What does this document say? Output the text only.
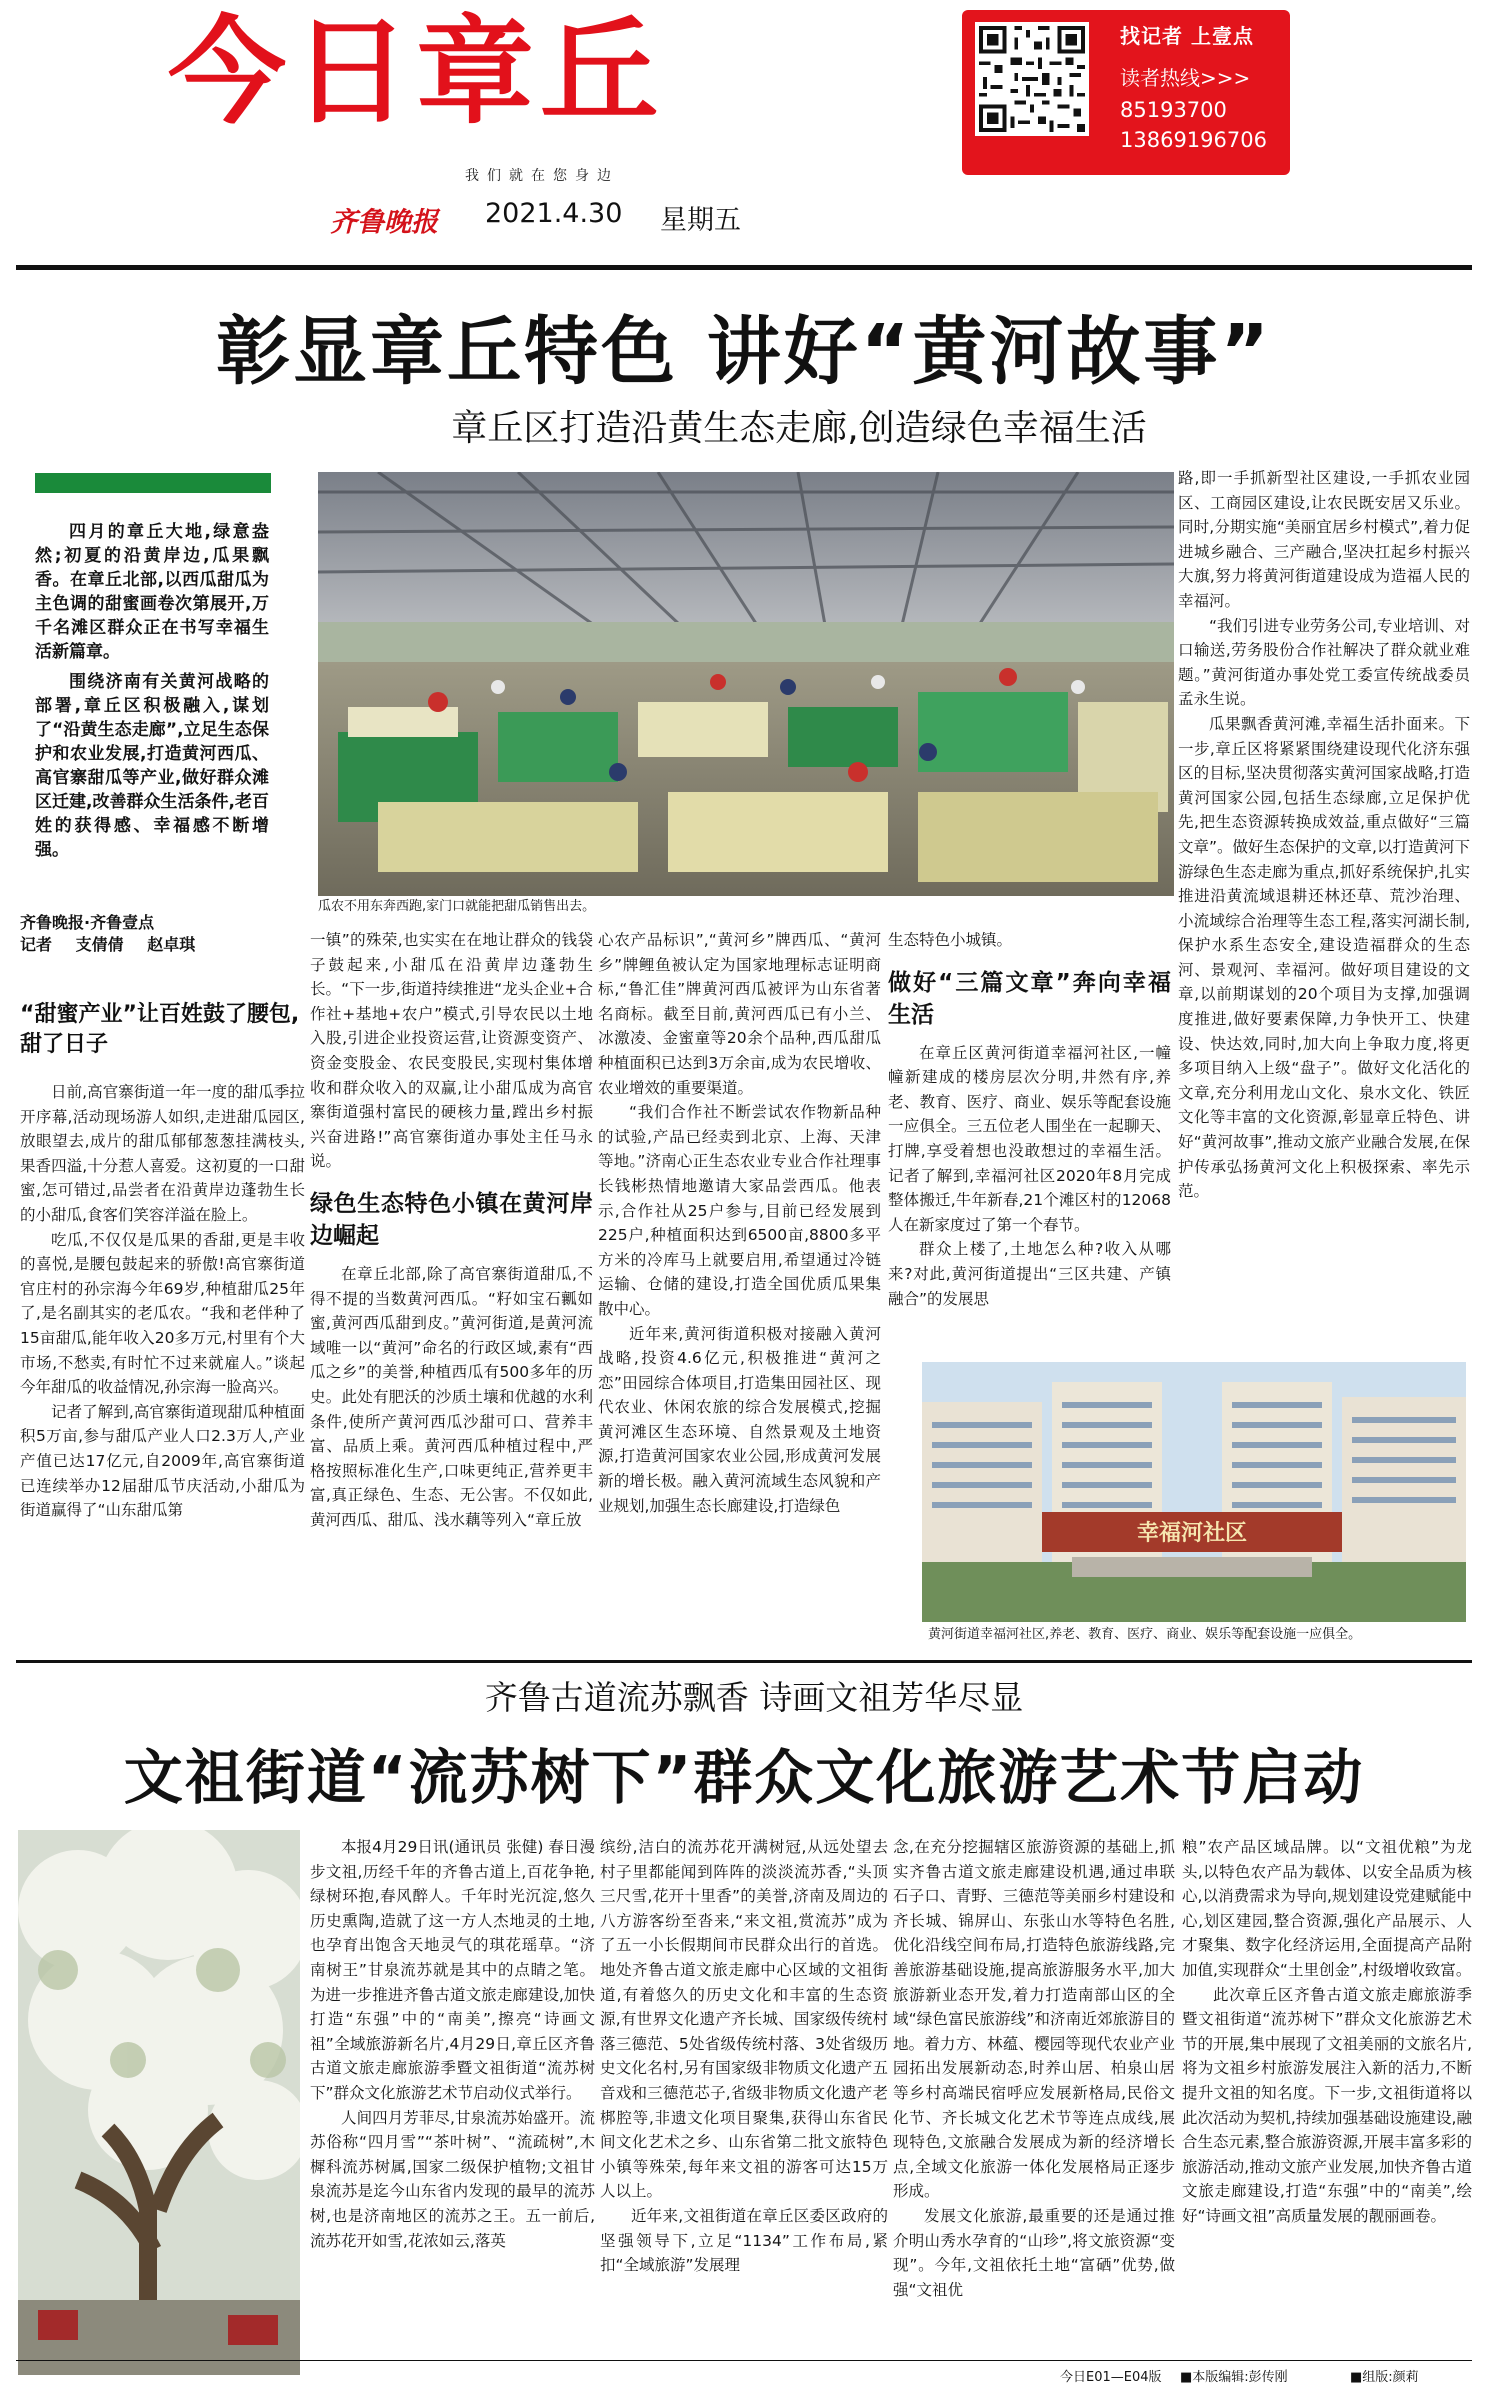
今日章丘
我们就在您身边
齐鲁晚报 2021.4.30 星期五
找记者 上壹点
读者热线>>>
85193700
13869196706
彰显章丘特色 讲好“黄河故事”
章丘区打造沿黄生态走廊,创造绿色幸福生活

四月的章丘大地,绿意盎然;初夏的沿黄岸边,瓜果飘香。在章丘北部,以西瓜甜瓜为主色调的甜蜜画卷次第展开,万千名滩区群众正在书写幸福生活新篇章。

围绕济南有关黄河战略的部署,章丘区积极融入,谋划了“沿黄生态走廊”,立足生态保护和农业发展,打造黄河西瓜、高官寨甜瓜等产业,做好群众滩区迁建,改善群众生活条件,老百姓的获得感、幸福感不断增强。

齐鲁晚报·齐鲁壹点
记者 支倩倩 赵卓琪
“甜蜜产业”让百姓鼓了腰包,甜了日子

日前,高官寨街道一年一度的甜瓜季拉开序幕,活动现场游人如织,走进甜瓜园区,放眼望去,成片的甜瓜郁郁葱葱挂满枝头,果香四溢,十分惹人喜爱。这初夏的一口甜蜜,怎可错过,品尝者在沿黄岸边蓬勃生长的小甜瓜,食客们笑容洋溢在脸上。

吃瓜,不仅仅是瓜果的香甜,更是丰收的喜悦,是腰包鼓起来的骄傲!高官寨街道官庄村的孙宗海今年69岁,种植甜瓜25年了,是名副其实的老瓜农。“我和老伴种了15亩甜瓜,能年收入20多万元,村里有个大市场,不愁卖,有时忙不过来就雇人。”谈起今年甜瓜的收益情况,孙宗海一脸高兴。

记者了解到,高官寨街道现甜瓜种植面积5万亩,参与甜瓜产业人口2.3万人,产业产值已达17亿元,自2009年,高官寨街道已连续举办12届甜瓜节庆活动,小甜瓜为街道赢得了“山东甜瓜第

瓜农不用东奔西跑,家门口就能把甜瓜销售出去。

一镇”的殊荣,也实实在在地让群众的钱袋子鼓起来,小甜瓜在沿黄岸边蓬勃生长。“下一步,街道持续推进“龙头企业+合作社+基地+农户”模式,引导农民以土地入股,引进企业投资运营,让资源变资产、资金变股金、农民变股民,实现村集体增收和群众收入的双赢,让小甜瓜成为高官寨街道强村富民的硬核力量,蹚出乡村振兴奋进路!”高官寨街道办事处主任马永说。

绿色生态特色小镇在黄河岸边崛起

在章丘北部,除了高官寨街道甜瓜,不得不提的当数黄河西瓜。“籽如宝石瓤如蜜,黄河西瓜甜到皮。”黄河街道,是黄河流域唯一以“黄河”命名的行政区域,素有“西瓜之乡”的美誉,种植西瓜有500多年的历史。此处有肥沃的沙质土壤和优越的水利条件,使所产黄河西瓜沙甜可口、营养丰富、品质上乘。黄河西瓜种植过程中,严格按照标准化生产,口味更纯正,营养更丰富,真正绿色、生态、无公害。不仅如此,黄河西瓜、甜瓜、浅水藕等列入“章丘放

心农产品标识”,“黄河乡”牌西瓜、“黄河乡”牌鲤鱼被认定为国家地理标志证明商标,“鲁汇佳”牌黄河西瓜被评为山东省著名商标。截至目前,黄河西瓜已有小兰、冰激凌、金蜜童等20余个品种,西瓜甜瓜种植面积已达到3万余亩,成为农民增收、农业增效的重要渠道。

“我们合作社不断尝试农作物新品种的试验,产品已经卖到北京、上海、天津等地。”济南心正生态农业专业合作社理事长钱彬热情地邀请大家品尝西瓜。他表示,合作社从25户参与,目前已经发展到225户,种植面积达到6500亩,8800多平方米的冷库马上就要启用,希望通过冷链运输、仓储的建设,打造全国优质瓜果集散中心。

近年来,黄河街道积极对接融入黄河战略,投资4.6亿元,积极推进“黄河之恋”田园综合体项目,打造集田园社区、现代农业、休闲农旅的综合发展模式,挖掘黄河滩区生态环境、自然景观及土地资源,打造黄河国家农业公园,形成黄河发展新的增长极。融入黄河流域生态风貌和产业规划,加强生态长廊建设,打造绿色

生态特色小城镇。

做好“三篇文章”奔向幸福生活

在章丘区黄河街道幸福河社区,一幢幢新建成的楼房层次分明,井然有序,养老、教育、医疗、商业、娱乐等配套设施一应俱全。三五位老人围坐在一起聊天、打牌,享受着想也没敢想过的幸福生活。记者了解到,幸福河社区2020年8月完成整体搬迁,牛年新春,21个滩区村的12068人在新家度过了第一个春节。

群众上楼了,土地怎么种?收入从哪来?对此,黄河街道提出“三区共建、产镇融合”的发展思

路,即一手抓新型社区建设,一手抓农业园区、工商园区建设,让农民既安居又乐业。同时,分期实施“美丽宜居乡村模式”,着力促进城乡融合、三产融合,坚决扛起乡村振兴大旗,努力将黄河街道建设成为造福人民的幸福河。

“我们引进专业劳务公司,专业培训、对口输送,劳务股份合作社解决了群众就业难题。”黄河街道办事处党工委宣传统战委员孟永生说。

瓜果飘香黄河滩,幸福生活扑面来。下一步,章丘区将紧紧围绕建设现代化济东强区的目标,坚决贯彻落实黄河国家战略,打造黄河国家公园,包括生态绿廊,立足保护优先,把生态资源转换成效益,重点做好“三篇文章”。做好生态保护的文章,以打造黄河下游绿色生态走廊为重点,抓好系统保护,扎实推进沿黄流域退耕还林还草、荒沙治理、小流域综合治理等生态工程,落实河湖长制,保护水系生态安全,建设造福群众的生态河、景观河、幸福河。做好项目建设的文章,以前期谋划的20个项目为支撑,加强调度推进,做好要素保障,力争快开工、快建设、快达效,同时,加大向上争取力度,将更多项目纳入上级“盘子”。做好文化活化的文章,充分利用龙山文化、泉水文化、铁匠文化等丰富的文化资源,彰显章丘特色、讲好“黄河故事”,推动文旅产业融合发展,在保护传承弘扬黄河文化上积极探索、率先示范。

幸福河社区
黄河街道幸福河社区,养老、教育、医疗、商业、娱乐等配套设施一应俱全。
齐鲁古道流苏飘香 诗画文祖芳华尽显
文祖街道“流苏树下”群众文化旅游艺术节启动

本报4月29日讯(通讯员 张健) 春日漫步文祖,历经千年的齐鲁古道上,百花争艳,绿树环抱,春风醉人。千年时光沉淀,悠久历史熏陶,造就了这一方人杰地灵的土地,也孕育出饱含天地灵气的琪花瑶草。“济南树王”甘泉流苏就是其中的点睛之笔。为进一步推进齐鲁古道文旅走廊建设,加快打造“东强”中的“南美”,擦亮“诗画文祖”全域旅游新名片,4月29日,章丘区齐鲁古道文旅走廊旅游季暨文祖街道“流苏树下”群众文化旅游艺术节启动仪式举行。

人间四月芳菲尽,甘泉流苏始盛开。流苏俗称“四月雪”“茶叶树”、“流疏树”,木樨科流苏树属,国家二级保护植物;文祖甘泉流苏是迄今山东省内发现的最早的流苏树,也是济南地区的流苏之王。五一前后,流苏花开如雪,花浓如云,落英

缤纷,洁白的流苏花开满树冠,从远处望去村子里都能闻到阵阵的淡淡流苏香,“头顶三尺雪,花开十里香”的美誉,济南及周边的八方游客纷至沓来,“来文祖,赏流苏”成为了五一小长假期间市民群众出行的首选。地处齐鲁古道文旅走廊中心区域的文祖街道,有着悠久的历史文化和丰富的生态资源,有世界文化遗产齐长城、国家级传统村落三德范、5处省级传统村落、3处省级历史文化名村,另有国家级非物质文化遗产五音戏和三德范芯子,省级非物质文化遗产老梆腔等,非遗文化项目聚集,获得山东省民间文化艺术之乡、山东省第二批文旅特色小镇等殊荣,每年来文祖的游客可达15万人以上。

近年来,文祖街道在章丘区委区政府的坚强领导下,立足“1134”工作布局,紧扣“全域旅游”发展理

念,在充分挖掘辖区旅游资源的基础上,抓实齐鲁古道文旅走廊建设机遇,通过串联石子口、青野、三德范等美丽乡村建设和齐长城、锦屏山、东张山水等特色名胜,优化沿线空间布局,打造特色旅游线路,完善旅游基础设施,提高旅游服务水平,加大旅游新业态开发,着力打造南部山区的全域“绿色富民旅游线”和济南近郊旅游目的地。着力方、林蕴、樱园等现代农业产业园拓出发展新动态,时养山居、柏泉山居等乡村高端民宿呼应发展新格局,民俗文化节、齐长城文化艺术节等连点成线,展现特色,文旅融合发展成为新的经济增长点,全域文化旅游一体化发展格局正逐步形成。

发展文化旅游,最重要的还是通过推介明山秀水孕育的“山珍”,将文旅资源“变现”。今年,文祖依托土地“富硒”优势,做强“文祖优

粮”农产品区域品牌。以“文祖优粮”为龙头,以特色农产品为载体、以安全品质为核心,以消费需求为导向,规划建设党建赋能中心,划区建园,整合资源,强化产品展示、人才聚集、数字化经济运用,全面提高产品附加值,实现群众“土里创金”,村级增收致富。

此次章丘区齐鲁古道文旅走廊旅游季暨文祖街道“流苏树下”群众文化旅游艺术节的开展,集中展现了文祖美丽的文旅名片,将为文祖乡村旅游发展注入新的活力,不断提升文祖的知名度。下一步,文祖街道将以此次活动为契机,持续加强基础设施建设,融合生态元素,整合旅游资源,开展丰富多彩的旅游活动,推动文旅产业发展,加快齐鲁古道文旅走廊建设,打造“东强”中的“南美”,绘好“诗画文祖”高质量发展的靓丽画卷。

今日E01—E04版 ■本版编辑:彭传刚	■组版:颜莉
